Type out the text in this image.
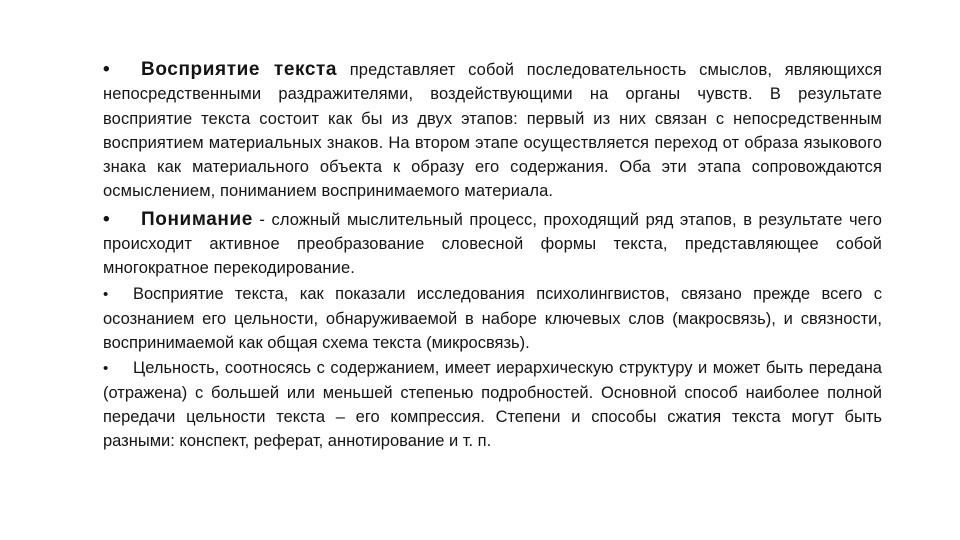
• Восприятие текста представляет собой последовательность смыслов, являющихся непосредственными раздражителями, воздействующими на органы чувств. В результате восприятие текста состоит как бы из двух этапов: первый из них связан с непосредственным восприятием материальных знаков. На втором этапе осуществляется переход от образа языкового знака как материального объекта к образу его содержания. Оба эти этапа сопровождаются осмыслением, пониманием воспринимаемого материала.

• Понимание - сложный мыслительный процесс, проходящий ряд этапов, в результате чего происходит активное преобразование словесной формы текста, представляющее собой многократное перекодирование.

• Восприятие текста, как показали исследования психолингвистов, связано прежде всего с осознанием его цельности, обнаруживаемой в наборе ключевых слов (макросвязь), и связности, воспринимаемой как общая схема текста (микросвязь).

• Цельность, соотносясь с содержанием, имеет иерархическую структуру и может быть передана (отражена) с большей или меньшей степенью подробностей. Основной способ наиболее полной передачи цельности текста – его компрессия. Степени и способы сжатия текста могут быть разными: конспект, реферат, аннотирование и т. п.
